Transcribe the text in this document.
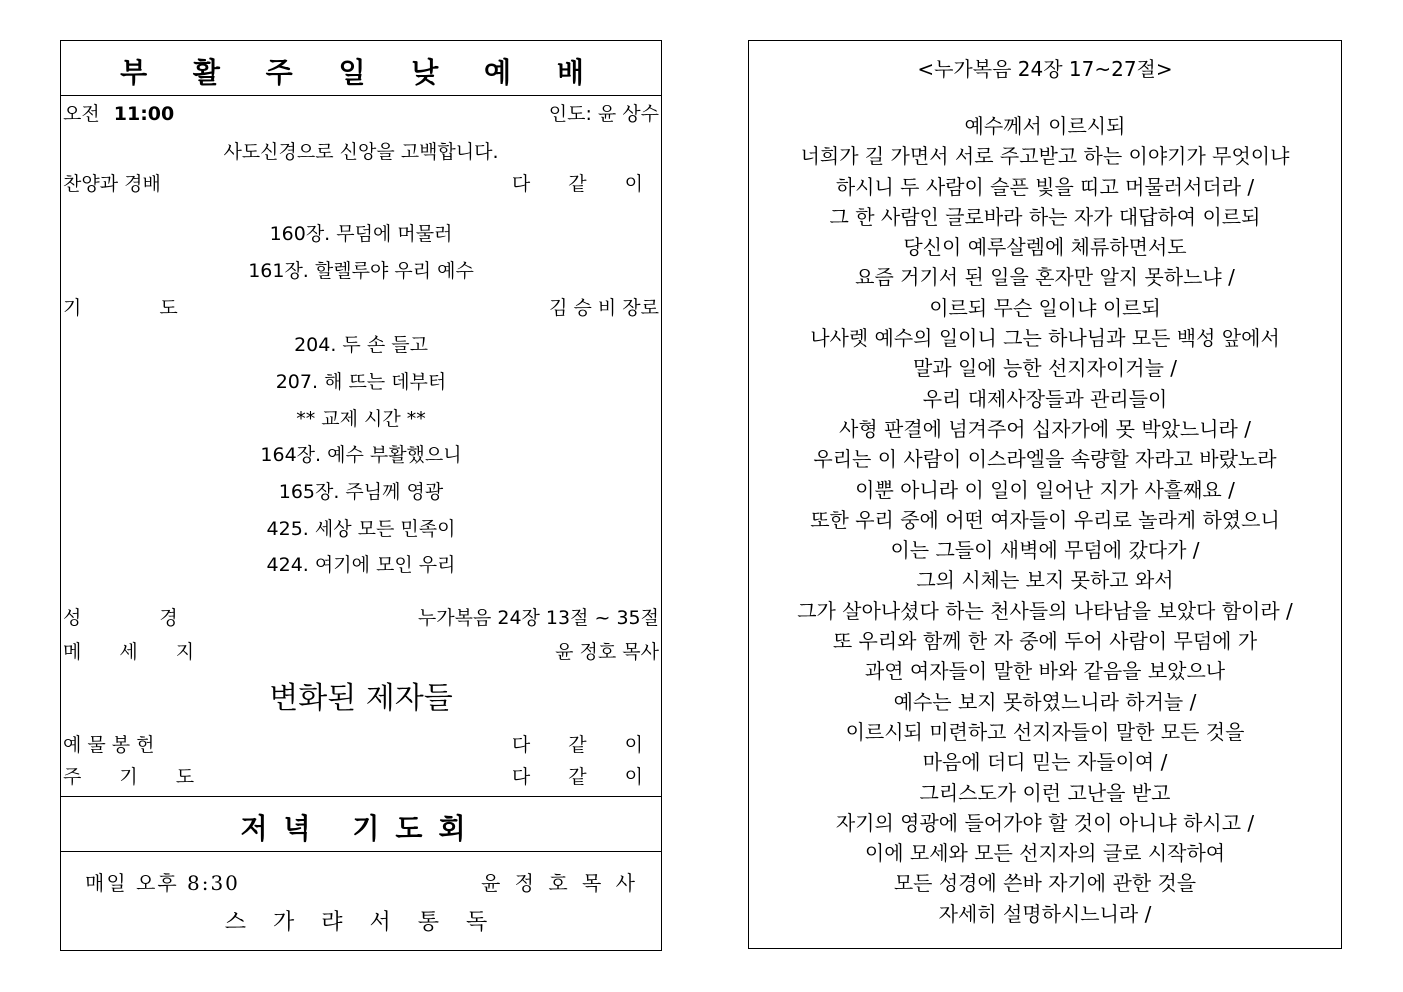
부 활 주 일 낮 예 배
오전 11:00	인도: 윤 상수
사도신경으로 신앙을 고백합니다.
찬양과 경배	다 같 이
160장. 무덤에 머물러
161장. 할렐루야 우리 예수
기 도	김 승 비 장로
204. 두 손 들고
207. 해 뜨는 데부터
** 교제 시간 **
164장. 예수 부활했으니
165장. 주님께 영광
425. 세상 모든 민족이
424. 여기에 모인 우리
성 경	누가복음 24장 13절 ~ 35절
메 세 지	윤 정호 목사
변화된 제자들
예 물 봉 헌	다 같 이
주 기 도	다 같 이
저녁 기도회
매일 오후 8:30	윤 정 호 목 사
스 가 랴 서 통 독
<누가복음 24장 17~27절>
예수께서 이르시되
너희가 길 가면서 서로 주고받고 하는 이야기가 무엇이냐
하시니 두 사람이 슬픈 빛을 띠고 머물러서더라 /
그 한 사람인 글로바라 하는 자가 대답하여 이르되
당신이 예루살렘에 체류하면서도
요즘 거기서 된 일을 혼자만 알지 못하느냐 /
이르되 무슨 일이냐 이르되
나사렛 예수의 일이니 그는 하나님과 모든 백성 앞에서
말과 일에 능한 선지자이거늘 /
우리 대제사장들과 관리들이
사형 판결에 넘겨주어 십자가에 못 박았느니라 /
우리는 이 사람이 이스라엘을 속량할 자라고 바랐노라
이뿐 아니라 이 일이 일어난 지가 사흘째요 /
또한 우리 중에 어떤 여자들이 우리로 놀라게 하였으니
이는 그들이 새벽에 무덤에 갔다가 /
그의 시체는 보지 못하고 와서
그가 살아나셨다 하는 천사들의 나타남을 보았다 함이라 /
또 우리와 함께 한 자 중에 두어 사람이 무덤에 가
과연 여자들이 말한 바와 같음을 보았으나
예수는 보지 못하였느니라 하거늘 /
이르시되 미련하고 선지자들이 말한 모든 것을
마음에 더디 믿는 자들이여 /
그리스도가 이런 고난을 받고
자기의 영광에 들어가야 할 것이 아니냐 하시고 /
이에 모세와 모든 선지자의 글로 시작하여
모든 성경에 쓴바 자기에 관한 것을
자세히 설명하시느니라 /
